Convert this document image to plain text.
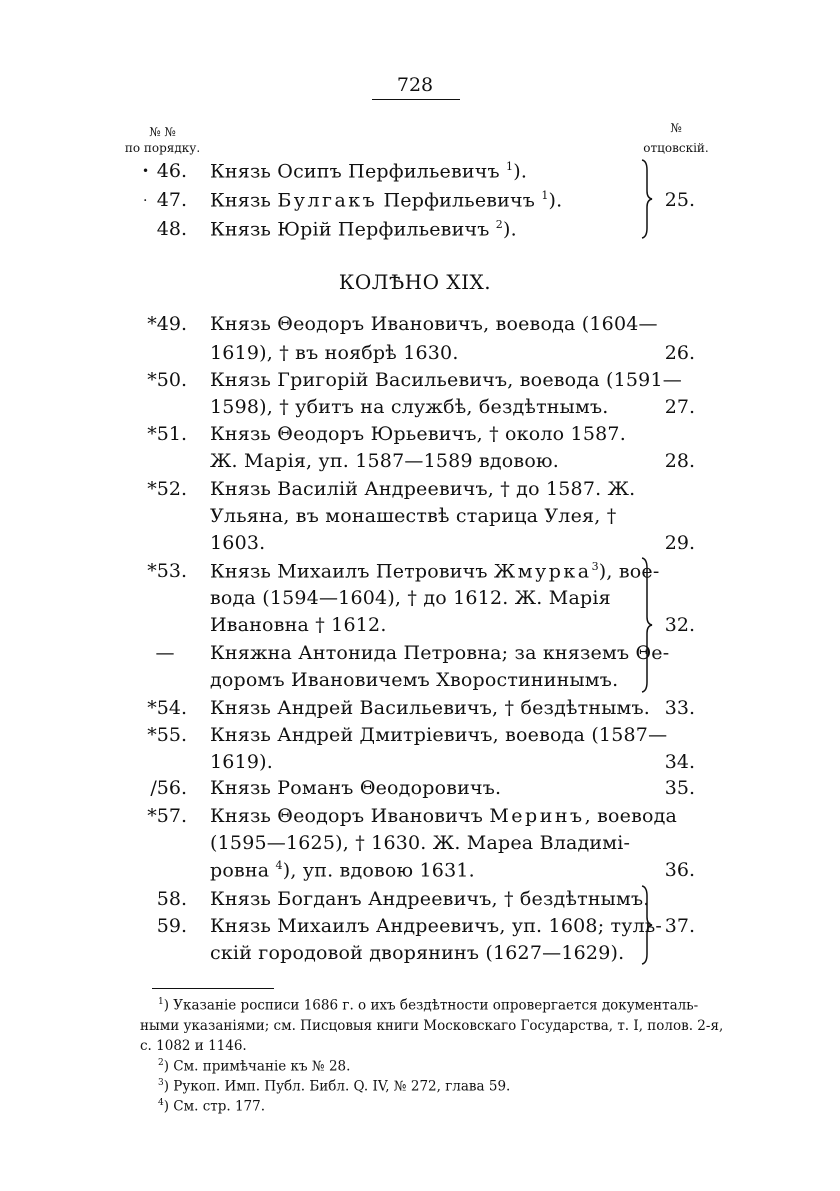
728
№ №
по порядку.
№
отцовскій.
• 46. Князь Осипъ Перфильевичъ $^1$).
. 47. Князь Булгакъ Перфильевичъ $^1$).
48. Князь Юрій Перфильевичъ $^2$).
25.
КОЛѢНО XIX.
*49. Князь Θеодоръ Ивановичъ, воевода (1604—
1619), † въ ноябрѣ 1630.	26.
*50. Князь Григорій Васильевичъ, воевода (1591—
1598), † убитъ на службѣ, бездѣтнымъ.	27.
*51. Князь Θеодоръ Юрьевичъ, † около 1587.
Ж. Марія, уп. 1587—1589 вдовою.	28.
*52. Князь Василій Андреевичъ, † до 1587. Ж.
Ульяна, въ монашествѣ старица Улея, †
1603.	29.
*53. Князь Михаилъ Петровичъ Жмурка$^3$), вое-
вода (1594—1604), † до 1612. Ж. Марія
Ивановна † 1612.
— Княжна Антонида Петровна; за княземъ Θе-
доромъ Ивановичемъ Хворостининымъ.
32.
*54. Князь Андрей Васильевичъ, † бездѣтнымъ. 33.
*55. Князь Андрей Дмитріевичъ, воевода (1587—
1619).	34.
/56. Князь Романъ Θеодоровичъ.	35.
*57. Князь Θеодоръ Ивановичъ Меринъ, воевода
(1595—1625), † 1630. Ж. Мареа Владимі-
ровна $^4$), уп. вдовою 1631.	36.
58. Князь Богданъ Андреевичъ, † бездѣтнымъ.
59. Князь Михаилъ Андреевичъ, уп. 1608; туль-
скій городовой дворянинъ (1627—1629).
37.
$^1$) Указаніе росписи 1686 г. о ихъ бездѣтности опровергается документаль-
ными указаніями; см. Писцовыя книги Московскаго Государства, т. I, полов. 2-я,
с. 1082 и 1146.
$^2$) См. примѣчаніе къ № 28.
$^3$) Рукоп. Имп. Публ. Библ. Q. IV, № 272, глава 59.
$^4$) См. стр. 177.
